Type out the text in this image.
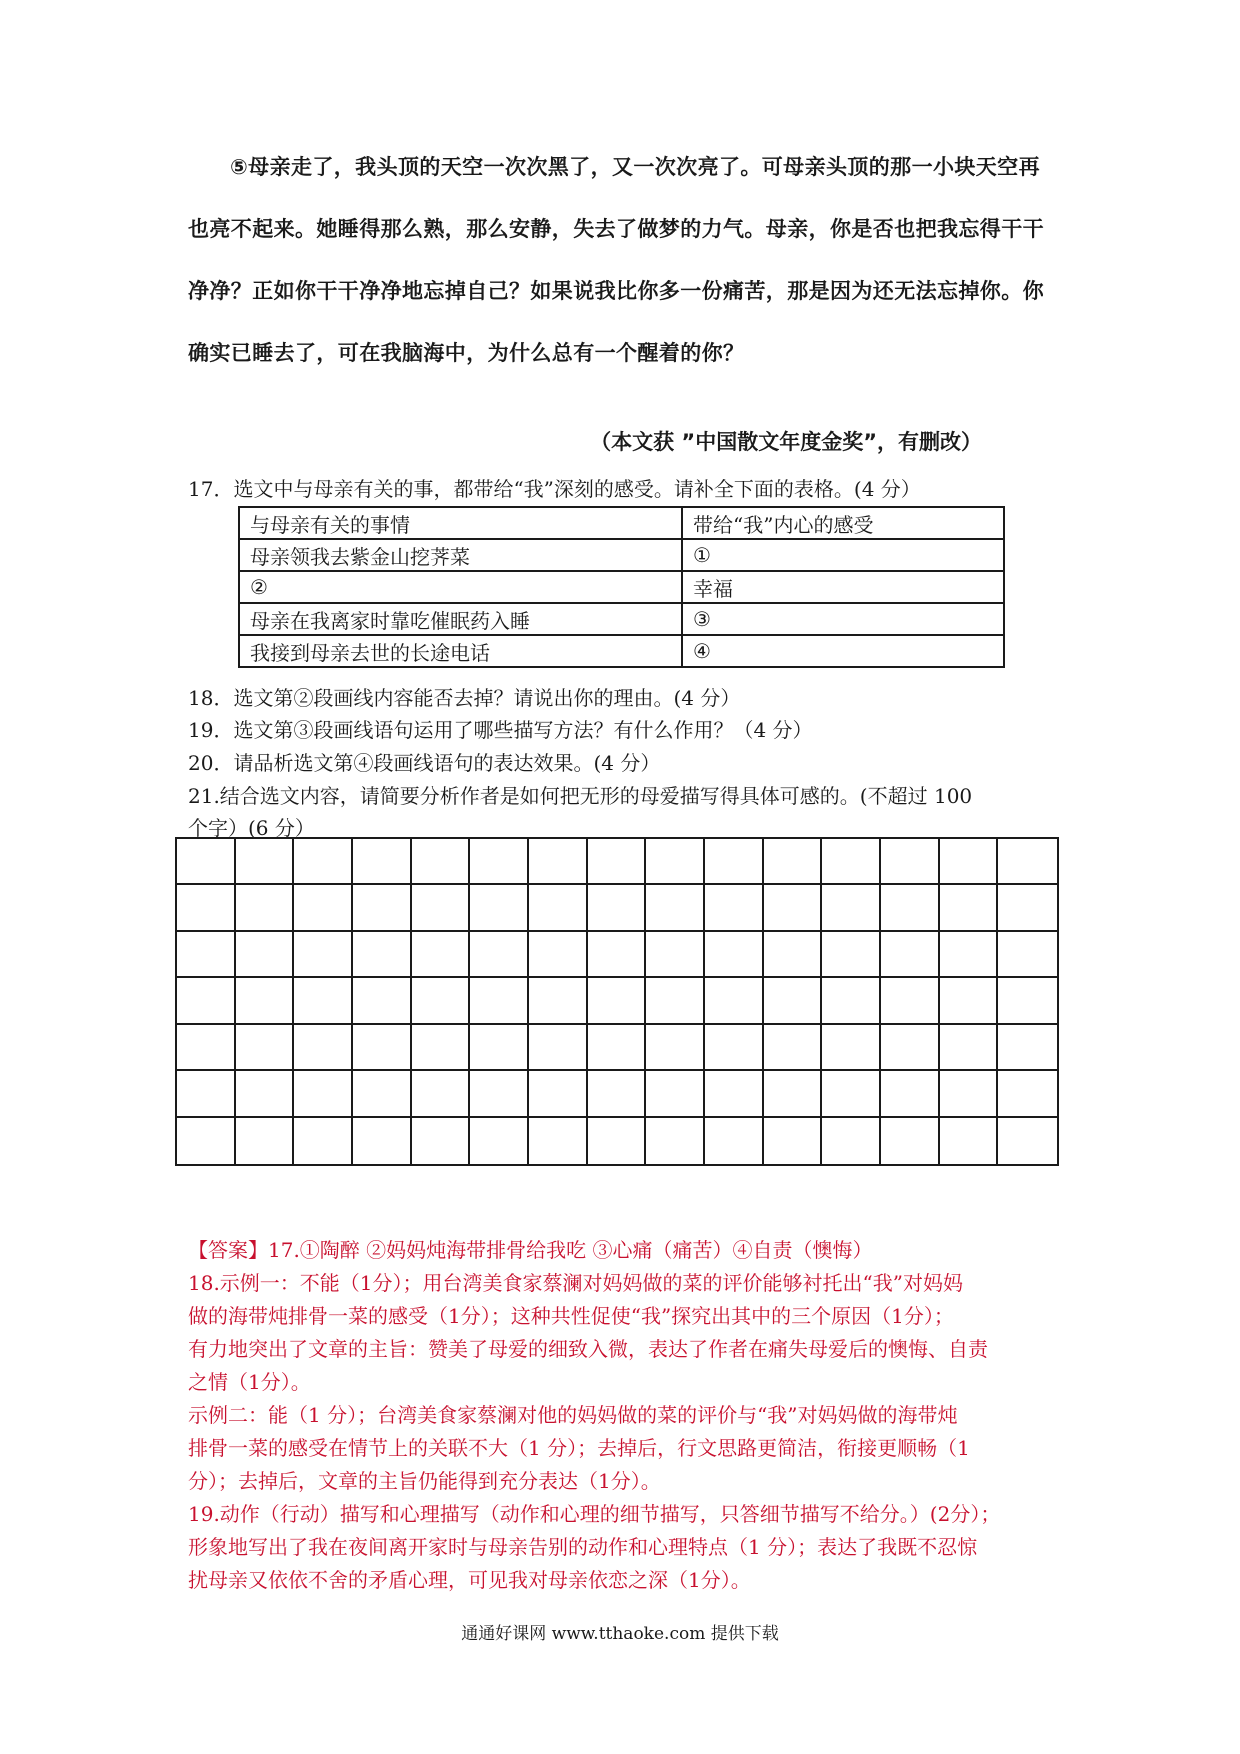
⑤母亲走了，我头顶的天空一次次黑了，又一次次亮了。可母亲头顶的那一小块天空再
也亮不起来。她睡得那么熟，那么安静，失去了做梦的力气。母亲，你是否也把我忘得干干
净净？正如你干干净净地忘掉自己？如果说我比你多一份痛苦，那是因为还无法忘掉你。你
确实已睡去了，可在我脑海中，为什么总有一个醒着的你？
（本文获 ”中国散文年度金奖”，有删改）
17．选文中与母亲有关的事，都带给“我”深刻的感受。请补全下面的表格。(4 分）
与母亲有关的事情	带给“我”内心的感受
母亲领我去紫金山挖荠菜	①
②	幸福
母亲在我离家时靠吃催眠药入睡	③
我接到母亲去世的长途电话	④
18．选文第②段画线内容能否去掉？请说出你的理由。(4 分）
19．选文第③段画线语句运用了哪些描写方法？有什么作用？（4 分）
20．请品析选文第④段画线语句的表达效果。(4 分）
21.结合选文内容，请简要分析作者是如何把无形的母爱描写得具体可感的。(不超过 100
个字）(6 分）
【答案】17.①陶醉 ②妈妈炖海带排骨给我吃 ③心痛（痛苦）④自责（懊悔）
18.示例一：不能（1分）；用台湾美食家蔡澜对妈妈做的菜的评价能够衬托出“我”对妈妈
做的海带炖排骨一菜的感受（1分）；这种共性促使“我”探究出其中的三个原因（1分）；
有力地突出了文章的主旨：赞美了母爱的细致入微，表达了作者在痛失母爱后的懊悔、自责
之情（1分）。
示例二：能（1 分）；台湾美食家蔡澜对他的妈妈做的菜的评价与“我”对妈妈做的海带炖
排骨一菜的感受在情节上的关联不大（1 分）；去掉后，行文思路更简洁，衔接更顺畅（1
分）；去掉后，文章的主旨仍能得到充分表达（1分）。
19.动作（行动）描写和心理描写（动作和心理的细节描写，只答细节描写不给分。）(2分）；
形象地写出了我在夜间离开家时与母亲告别的动作和心理特点（1 分）；表达了我既不忍惊
扰母亲又依依不舍的矛盾心理，可见我对母亲依恋之深（1分）。
通通好课网 www.tthaoke.com 提供下载
